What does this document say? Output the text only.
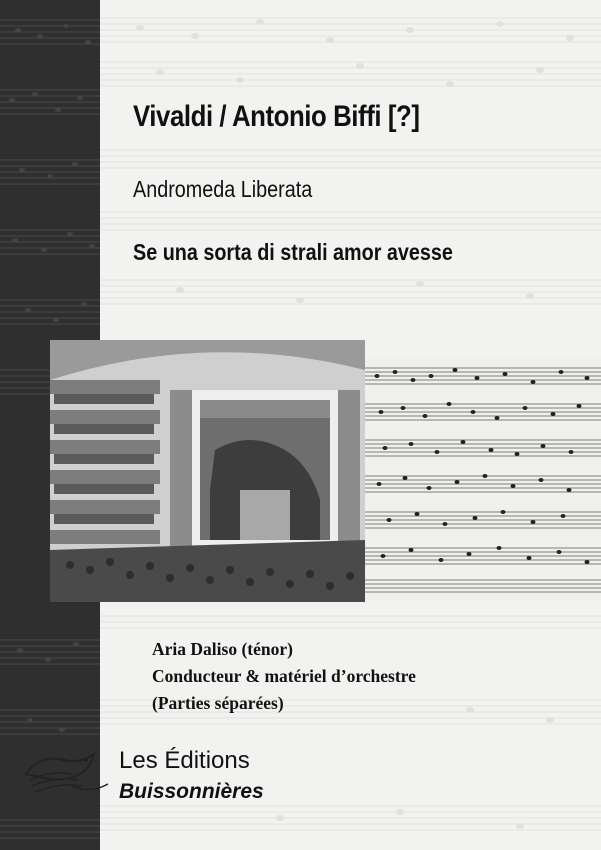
Vivaldi / Antonio Biffi [?]
Andromeda Liberata
Se una sorta di strali amor avesse
Aria Daliso (ténor)
Conducteur & matériel d’orchestre
(Parties séparées)
Les Éditions
Buissonnières
